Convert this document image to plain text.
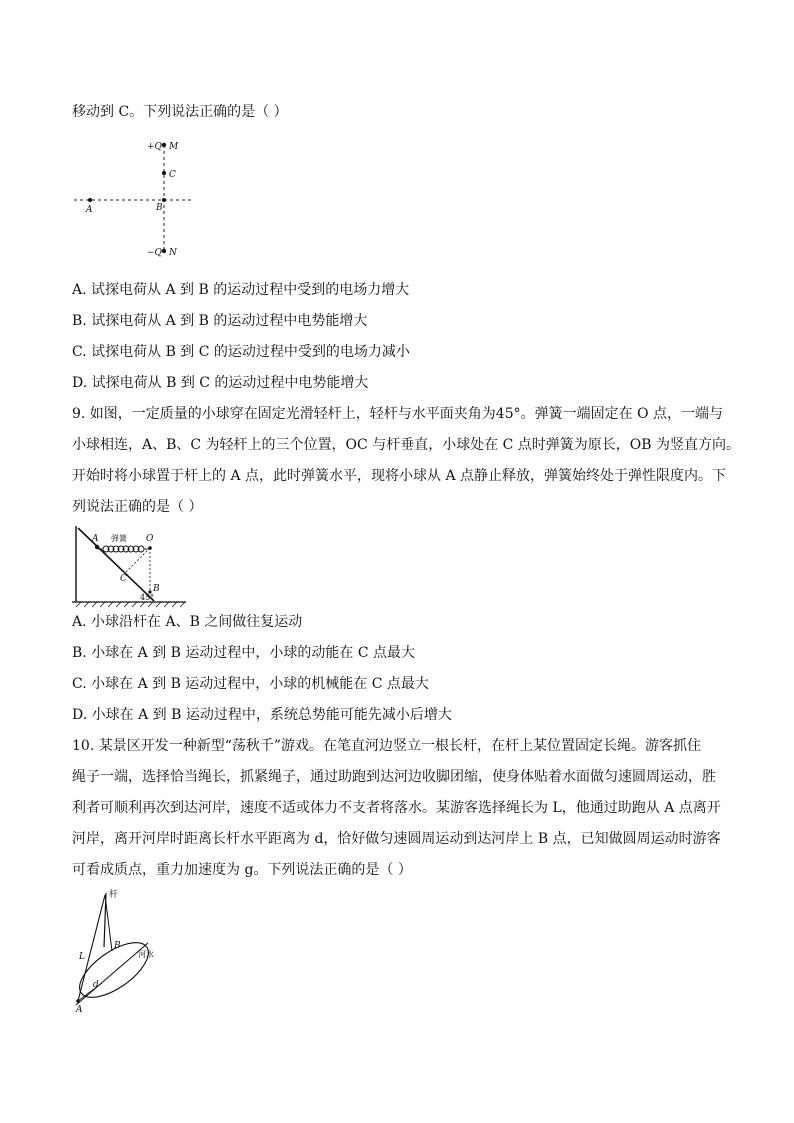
移动到 C。下列说法正确的是（ ）
+Q M
C
A	B
−Q N
A. 试探电荷从 A 到 B 的运动过程中受到的电场力增大
B. 试探电荷从 A 到 B 的运动过程中电势能增大
C. 试探电荷从 B 到 C 的运动过程中受到的电场力减小
D. 试探电荷从 B 到 C 的运动过程中电势能增大
9. 如图，一定质量的小球穿在固定光滑轻杆上，轻杆与水平面夹角为45°。弹簧一端固定在 O 点，一端与
小球相连，A、B、C 为轻杆上的三个位置，OC 与杆垂直，小球处在 C 点时弹簧为原长，OB 为竖直方向。
开始时将小球置于杆上的 A 点，此时弹簧水平，现将小球从 A 点静止释放，弹簧始终处于弹性限度内。下
列说法正确的是（ ）
A 弹簧 O
C
B
45°
A. 小球沿杆在 A、B 之间做往复运动
B. 小球在 A 到 B 运动过程中，小球的动能在 C 点最大
C. 小球在 A 到 B 运动过程中，小球的机械能在 C 点最大
D. 小球在 A 到 B 运动过程中，系统总势能可能先减小后增大
10. 某景区开发一种新型“荡秋千”游戏。在笔直河边竖立一根长杆，在杆上某位置固定长绳。游客抓住
绳子一端，选择恰当绳长，抓紧绳子，通过助跑到达河边收脚团缩，使身体贴着水面做匀速圆周运动，胜
利者可顺利再次到达河岸，速度不适或体力不支者将落水。某游客选择绳长为 L，他通过助跑从 A 点离开
河岸，离开河岸时距离长杆水平距离为 d，恰好做匀速圆周运动到达河岸上 B 点，已知做圆周运动时游客
可看成质点，重力加速度为 g。下列说法正确的是（ ）
杆
L
B
河水
d
A
